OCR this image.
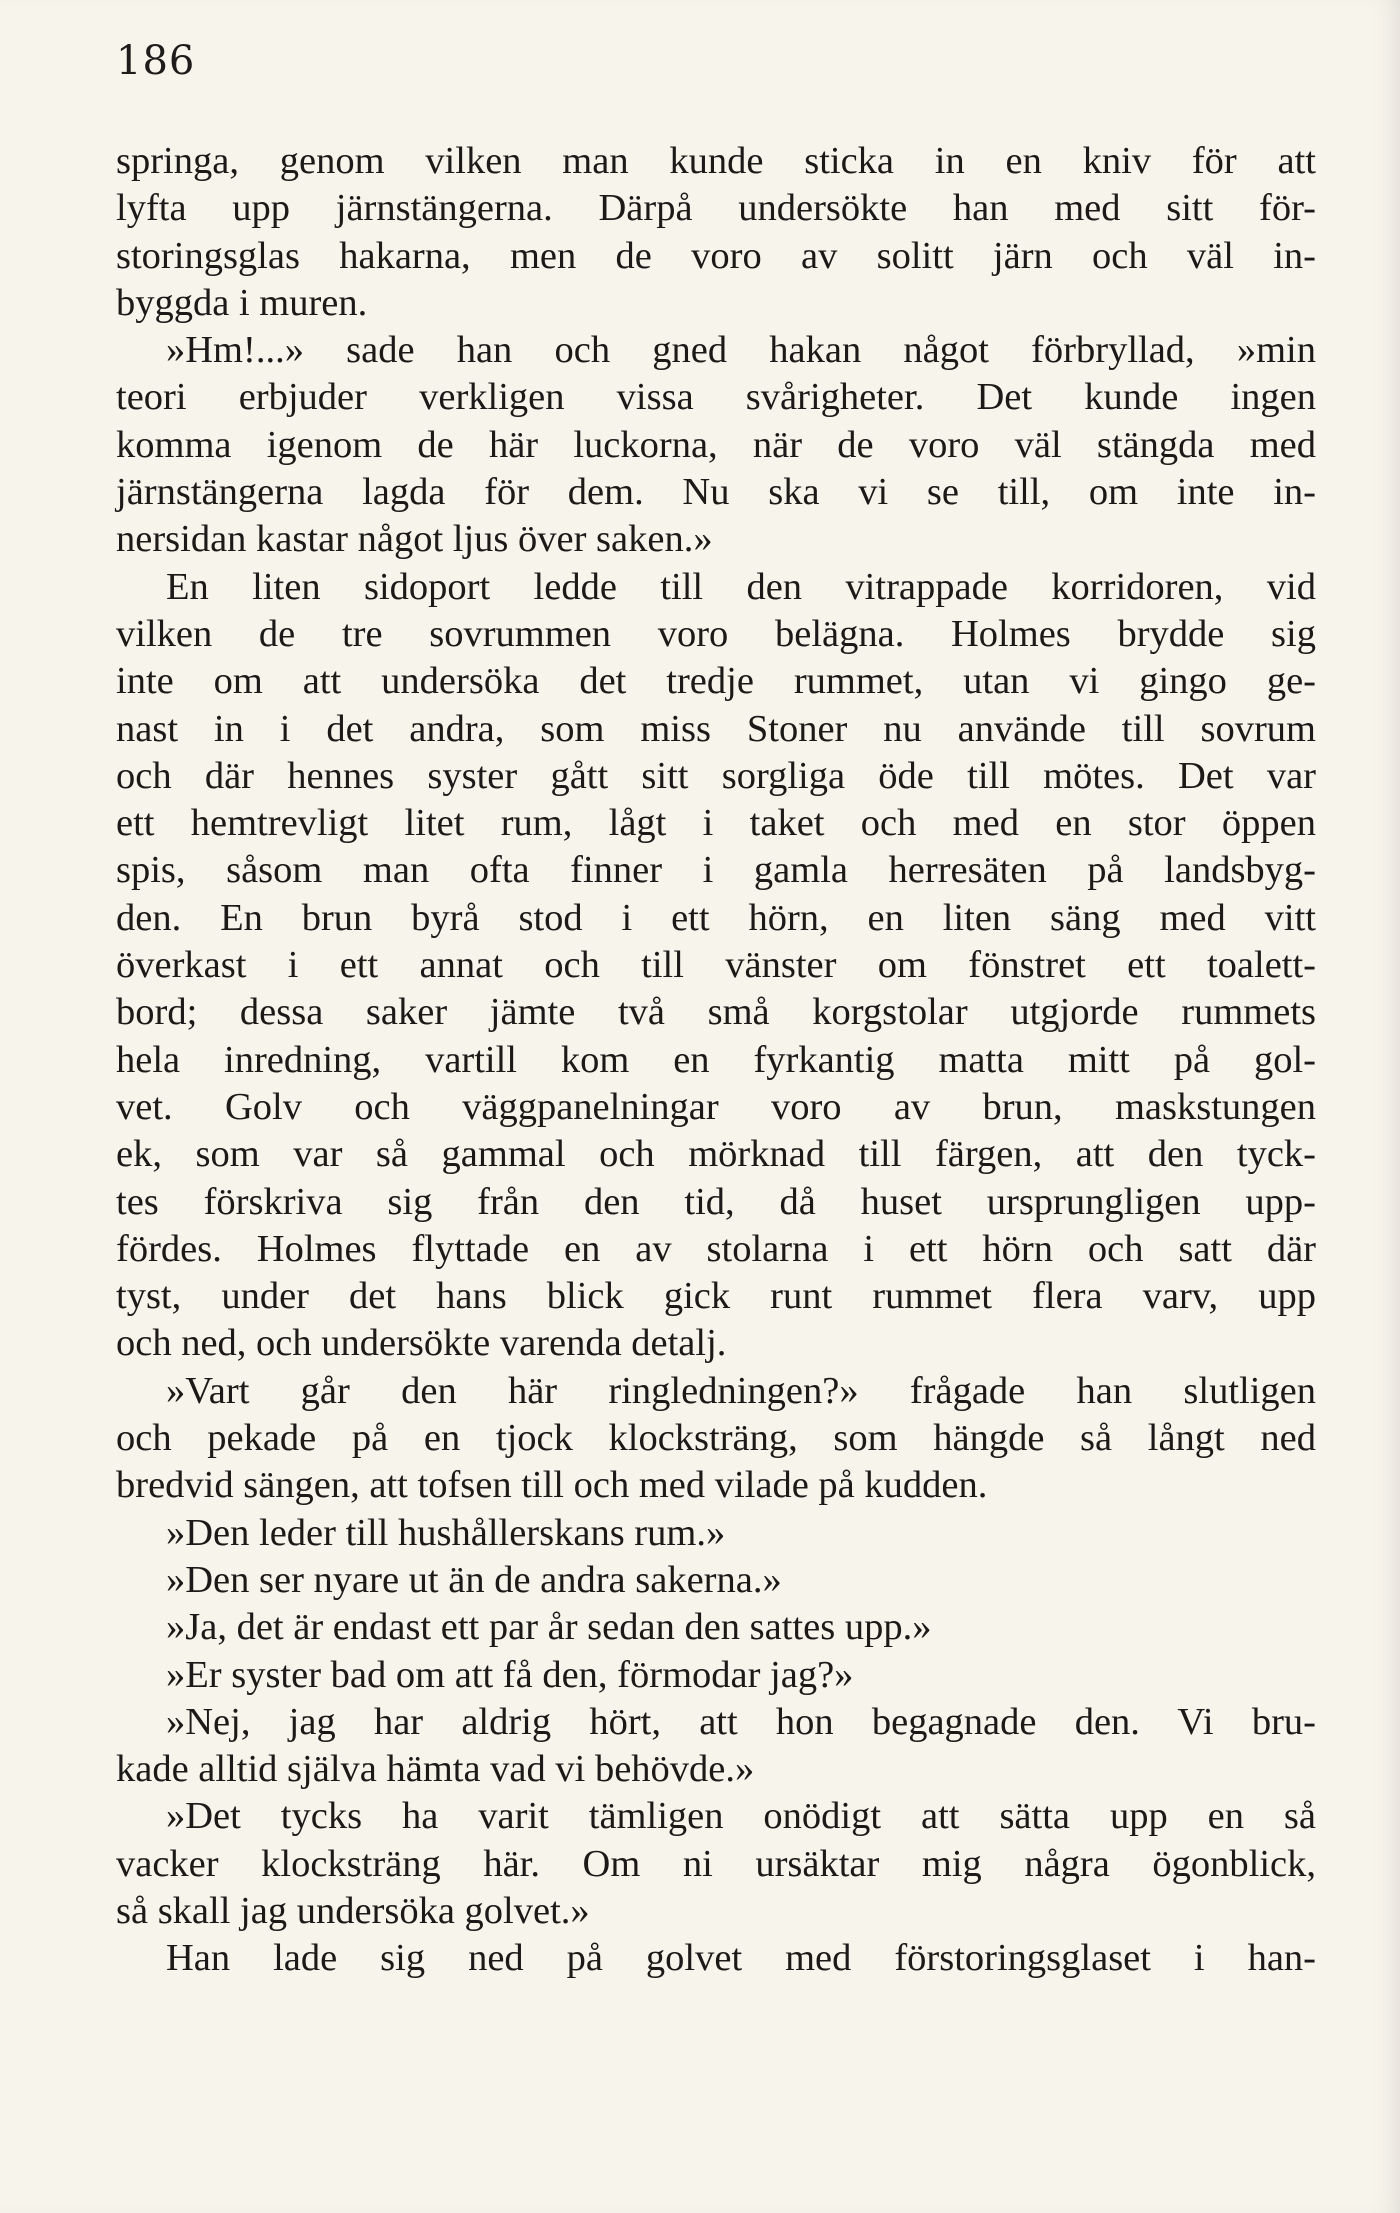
186
springa, genom vilken man kunde sticka in en kniv för att
lyfta upp järnstängerna. Därpå undersökte han med sitt för-
storingsglas hakarna, men de voro av solitt järn och väl in-
byggda i muren.
»Hm!...» sade han och gned hakan något förbryllad, »min
teori erbjuder verkligen vissa svårigheter. Det kunde ingen
komma igenom de här luckorna, när de voro väl stängda med
järnstängerna lagda för dem. Nu ska vi se till, om inte in-
nersidan kastar något ljus över saken.»
En liten sidoport ledde till den vitrappade korridoren, vid
vilken de tre sovrummen voro belägna. Holmes brydde sig
inte om att undersöka det tredje rummet, utan vi gingo ge-
nast in i det andra, som miss Stoner nu använde till sovrum
och där hennes syster gått sitt sorgliga öde till mötes. Det var
ett hemtrevligt litet rum, lågt i taket och med en stor öppen
spis, såsom man ofta finner i gamla herresäten på landsbyg-
den. En brun byrå stod i ett hörn, en liten säng med vitt
överkast i ett annat och till vänster om fönstret ett toalett-
bord; dessa saker jämte två små korgstolar utgjorde rummets
hela inredning, vartill kom en fyrkantig matta mitt på gol-
vet. Golv och väggpanelningar voro av brun, maskstungen
ek, som var så gammal och mörknad till färgen, att den tyck-
tes förskriva sig från den tid, då huset ursprungligen upp-
fördes. Holmes flyttade en av stolarna i ett hörn och satt där
tyst, under det hans blick gick runt rummet flera varv, upp
och ned, och undersökte varenda detalj.
»Vart går den här ringledningen?» frågade han slutligen
och pekade på en tjock klocksträng, som hängde så långt ned
bredvid sängen, att tofsen till och med vilade på kudden.
»Den leder till hushållerskans rum.»
»Den ser nyare ut än de andra sakerna.»
»Ja, det är endast ett par år sedan den sattes upp.»
»Er syster bad om att få den, förmodar jag?»
»Nej, jag har aldrig hört, att hon begagnade den. Vi bru-
kade alltid själva hämta vad vi behövde.»
»Det tycks ha varit tämligen onödigt att sätta upp en så
vacker klocksträng här. Om ni ursäktar mig några ögonblick,
så skall jag undersöka golvet.»
Han lade sig ned på golvet med förstoringsglaset i han-
